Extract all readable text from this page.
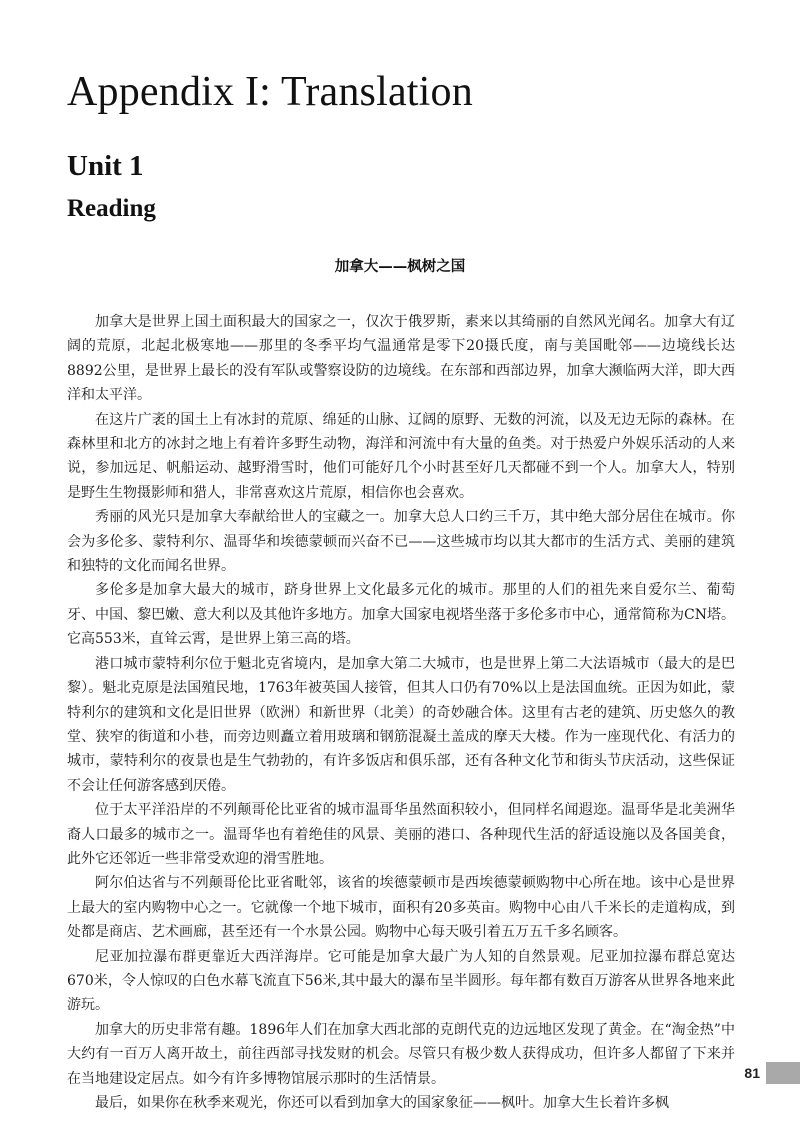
Appendix I: Translation
Unit 1
Reading
加拿大——枫树之国

加拿大是世界上国土面积最大的国家之一，仅次于俄罗斯，素来以其绮丽的自然风光闻名。加拿大有辽阔的荒原，北起北极寒地——那里的冬季平均气温通常是零下20摄氏度，南与美国毗邻——边境线长达8892公里，是世界上最长的没有军队或警察设防的边境线。在东部和西部边界，加拿大濒临两大洋，即大西洋和太平洋。

在这片广袤的国土上有冰封的荒原、绵延的山脉、辽阔的原野、无数的河流，以及无边无际的森林。在森林里和北方的冰封之地上有着许多野生动物，海洋和河流中有大量的鱼类。对于热爱户外娱乐活动的人来说，参加远足、帆船运动、越野滑雪时，他们可能好几个小时甚至好几天都碰不到一个人。加拿大人，特别是野生生物摄影师和猎人，非常喜欢这片荒原，相信你也会喜欢。

秀丽的风光只是加拿大奉献给世人的宝藏之一。加拿大总人口约三千万，其中绝大部分居住在城市。你会为多伦多、蒙特利尔、温哥华和埃德蒙顿而兴奋不已——这些城市均以其大都市的生活方式、美丽的建筑和独特的文化而闻名世界。

多伦多是加拿大最大的城市，跻身世界上文化最多元化的城市。那里的人们的祖先来自爱尔兰、葡萄牙、中国、黎巴嫩、意大利以及其他许多地方。加拿大国家电视塔坐落于多伦多市中心，通常简称为CN塔。它高553米，直耸云霄，是世界上第三高的塔。

港口城市蒙特利尔位于魁北克省境内，是加拿大第二大城市，也是世界上第二大法语城市（最大的是巴黎）。魁北克原是法国殖民地，1763年被英国人接管，但其人口仍有70%以上是法国血统。正因为如此，蒙特利尔的建筑和文化是旧世界（欧洲）和新世界（北美）的奇妙融合体。这里有古老的建筑、历史悠久的教堂、狭窄的街道和小巷，而旁边则矗立着用玻璃和钢筋混凝土盖成的摩天大楼。作为一座现代化、有活力的城市，蒙特利尔的夜景也是生气勃勃的，有许多饭店和俱乐部，还有各种文化节和街头节庆活动，这些保证不会让任何游客感到厌倦。

位于太平洋沿岸的不列颠哥伦比亚省的城市温哥华虽然面积较小，但同样名闻遐迩。温哥华是北美洲华裔人口最多的城市之一。温哥华也有着绝佳的风景、美丽的港口、各种现代生活的舒适设施以及各国美食，此外它还邻近一些非常受欢迎的滑雪胜地。

阿尔伯达省与不列颠哥伦比亚省毗邻，该省的埃德蒙顿市是西埃德蒙顿购物中心所在地。该中心是世界上最大的室内购物中心之一。它就像一个地下城市，面积有20多英亩。购物中心由八千米长的走道构成，到处都是商店、艺术画廊，甚至还有一个水景公园。购物中心每天吸引着五万五千多名顾客。

尼亚加拉瀑布群更靠近大西洋海岸。它可能是加拿大最广为人知的自然景观。尼亚加拉瀑布群总宽达670米，令人惊叹的白色水幕飞流直下56米,其中最大的瀑布呈半圆形。每年都有数百万游客从世界各地来此游玩。

加拿大的历史非常有趣。1896年人们在加拿大西北部的克朗代克的边远地区发现了黄金。在“淘金热”中大约有一百万人离开故土，前往西部寻找发财的机会。尽管只有极少数人获得成功，但许多人都留了下来并在当地建设定居点。如今有许多博物馆展示那时的生活情景。

最后，如果你在秋季来观光，你还可以看到加拿大的国家象征——枫叶。加拿大生长着许多枫

81
